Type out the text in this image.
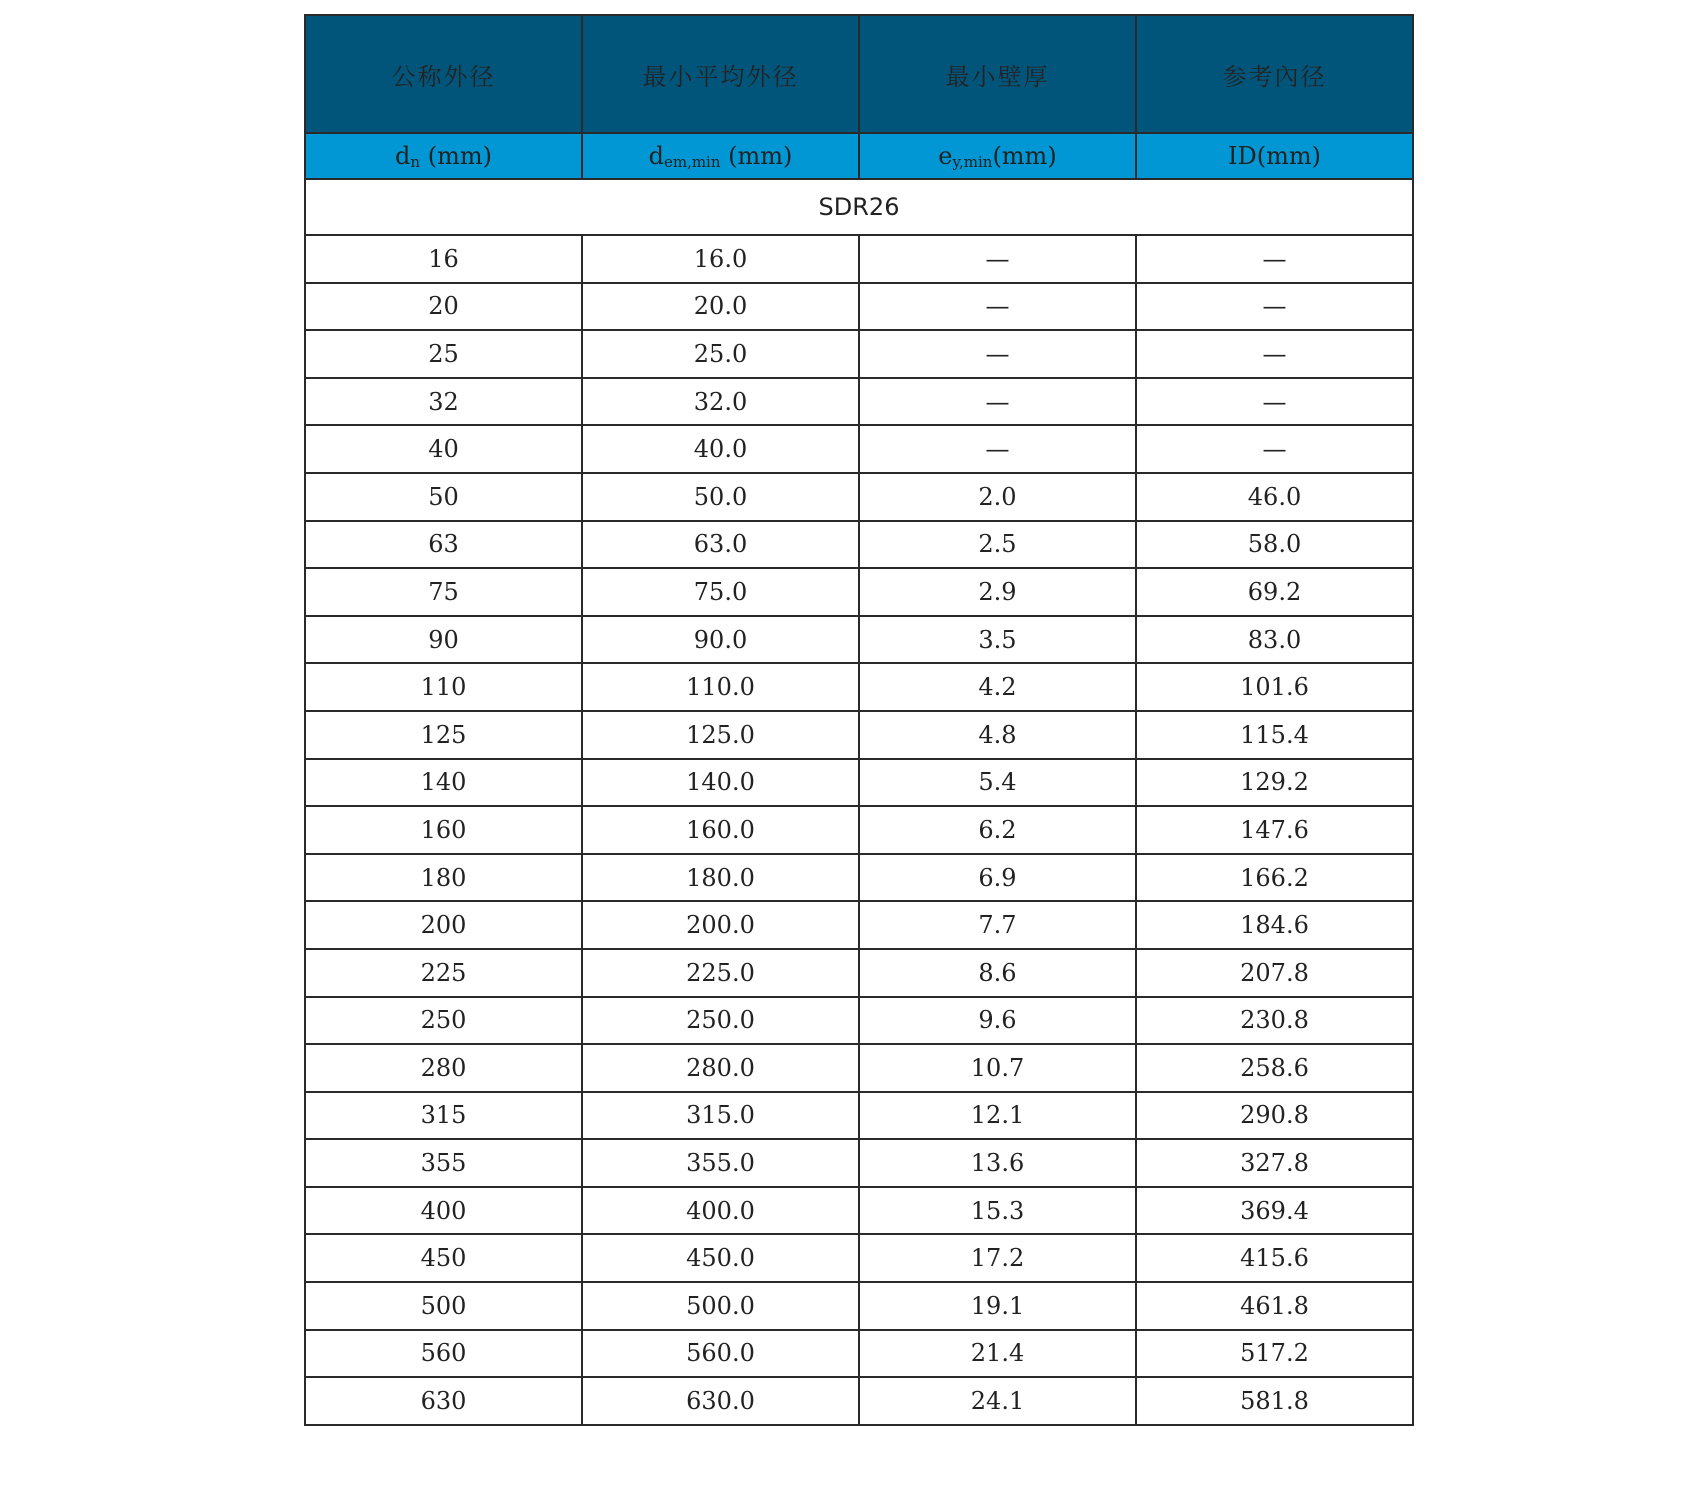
公称外径	最小平均外径	最小壁厚	参考內径
$d_n$ (mm)	$d_{em,min}$ (mm)	$e_{y,min}(mm)$	ID(mm)
SDR26			
16	16.0	—	—
20	20.0	—	—
25	25.0	—	—
32	32.0	—	—
40	40.0	—	—
50	50.0	2.0	46.0
63	63.0	2.5	58.0
75	75.0	2.9	69.2
90	90.0	3.5	83.0
110	110.0	4.2	101.6
125	125.0	4.8	115.4
140	140.0	5.4	129.2
160	160.0	6.2	147.6
180	180.0	6.9	166.2
200	200.0	7.7	184.6
225	225.0	8.6	207.8
250	250.0	9.6	230.8
280	280.0	10.7	258.6
315	315.0	12.1	290.8
355	355.0	13.6	327.8
400	400.0	15.3	369.4
450	450.0	17.2	415.6
500	500.0	19.1	461.8
560	560.0	21.4	517.2
630	630.0	24.1	581.8
